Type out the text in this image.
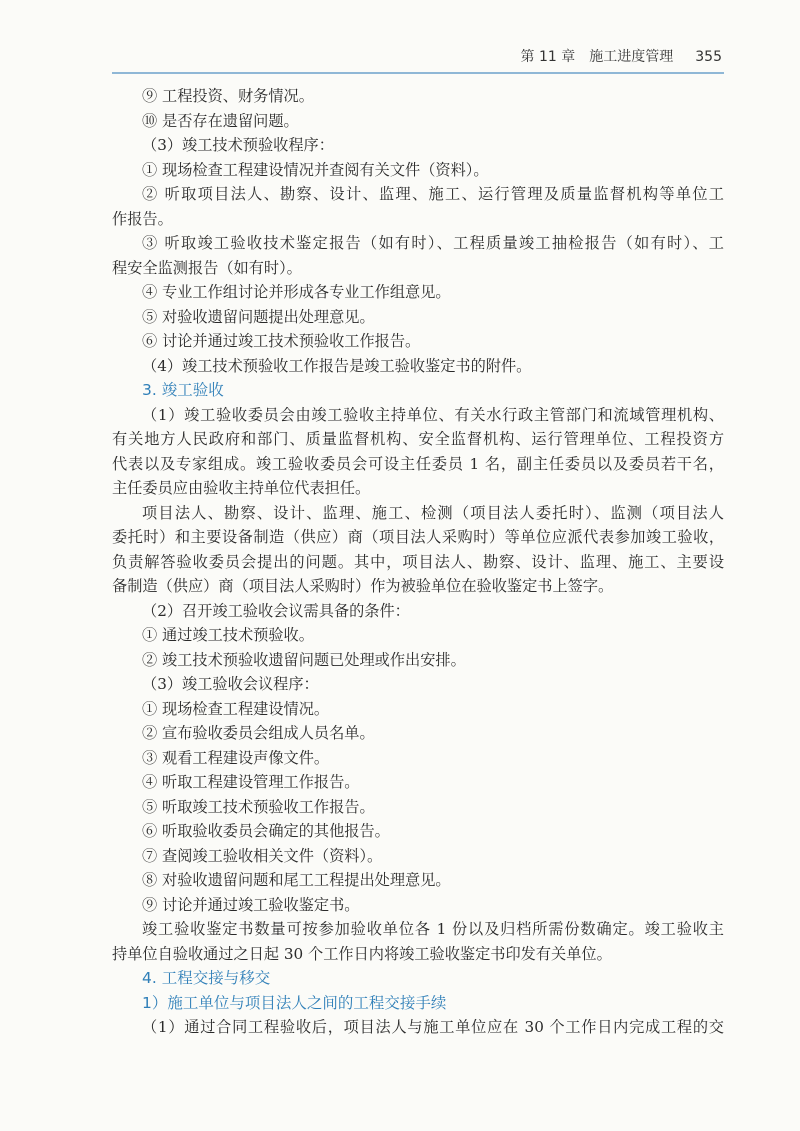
第 11 章　施工进度管理 355
⑨ 工程投资、财务情况。
⑩ 是否存在遗留问题。
（3）竣工技术预验收程序：
① 现场检查工程建设情况并查阅有关文件（资料）。
② 听取项目法人、勘察、设计、监理、施工、运行管理及质量监督机构等单位工
作报告。
③ 听取竣工验收技术鉴定报告（如有时）、工程质量竣工抽检报告（如有时）、工
程安全监测报告（如有时）。
④ 专业工作组讨论并形成各专业工作组意见。
⑤ 对验收遗留问题提出处理意见。
⑥ 讨论并通过竣工技术预验收工作报告。
（4）竣工技术预验收工作报告是竣工验收鉴定书的附件。
3. 竣工验收
（1）竣工验收委员会由竣工验收主持单位、有关水行政主管部门和流域管理机构、
有关地方人民政府和部门、质量监督机构、安全监督机构、运行管理单位、工程投资方
代表以及专家组成。竣工验收委员会可设主任委员 1 名，副主任委员以及委员若干名，
主任委员应由验收主持单位代表担任。
项目法人、勘察、设计、监理、施工、检测（项目法人委托时）、监测（项目法人
委托时）和主要设备制造（供应）商（项目法人采购时）等单位应派代表参加竣工验收，
负责解答验收委员会提出的问题。其中，项目法人、勘察、设计、监理、施工、主要设
备制造（供应）商（项目法人采购时）作为被验单位在验收鉴定书上签字。
（2）召开竣工验收会议需具备的条件：
① 通过竣工技术预验收。
② 竣工技术预验收遗留问题已处理或作出安排。
（3）竣工验收会议程序：
① 现场检查工程建设情况。
② 宣布验收委员会组成人员名单。
③ 观看工程建设声像文件。
④ 听取工程建设管理工作报告。
⑤ 听取竣工技术预验收工作报告。
⑥ 听取验收委员会确定的其他报告。
⑦ 查阅竣工验收相关文件（资料）。
⑧ 对验收遗留问题和尾工工程提出处理意见。
⑨ 讨论并通过竣工验收鉴定书。
竣工验收鉴定书数量可按参加验收单位各 1 份以及归档所需份数确定。竣工验收主
持单位自验收通过之日起 30 个工作日内将竣工验收鉴定书印发有关单位。
4. 工程交接与移交
1）施工单位与项目法人之间的工程交接手续
（1）通过合同工程验收后，项目法人与施工单位应在 30 个工作日内完成工程的交
